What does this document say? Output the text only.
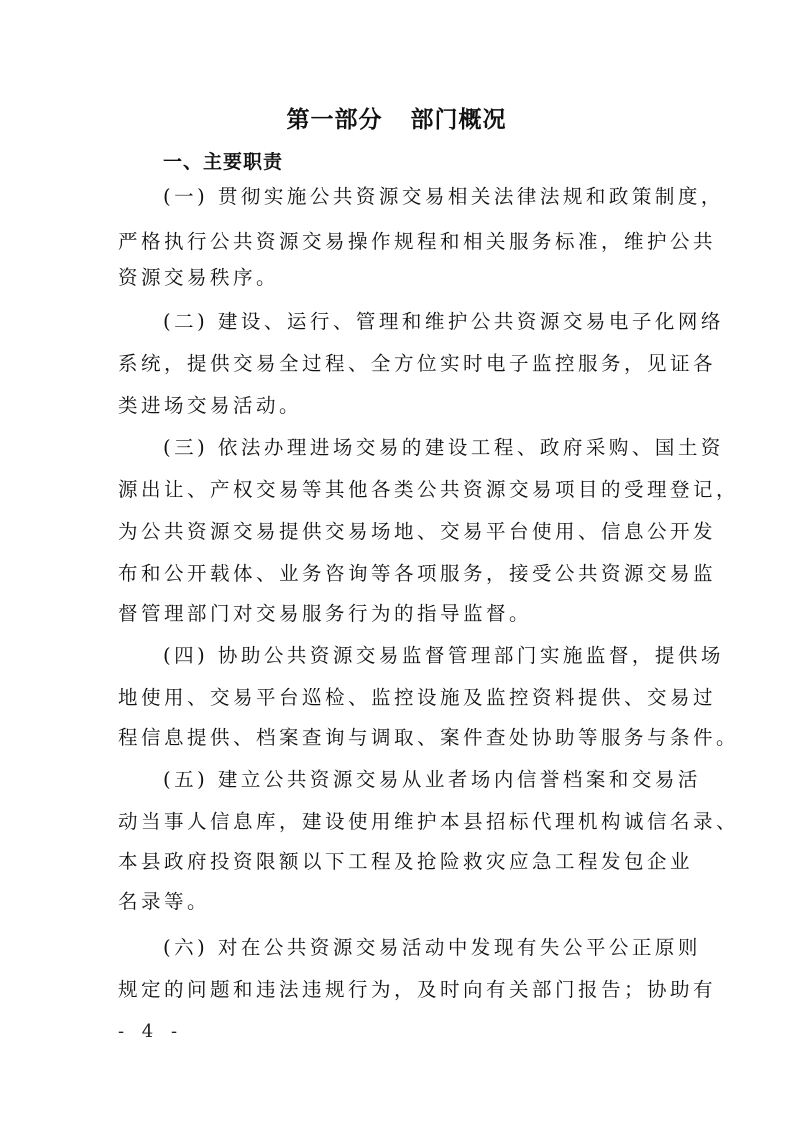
第一部分 部门概况
一、主要职责
(一) 贯彻实施公共资源交易相关法律法规和政策制度，
严格执行公共资源交易操作规程和相关服务标准，维护公共
资源交易秩序。
(二) 建设、运行、管理和维护公共资源交易电子化网络
系统，提供交易全过程、全方位实时电子监控服务，见证各
类进场交易活动。
(三) 依法办理进场交易的建设工程、政府采购、国土资
源出让、产权交易等其他各类公共资源交易项目的受理登记，
为公共资源交易提供交易场地、交易平台使用、信息公开发
布和公开载体、业务咨询等各项服务，接受公共资源交易监
督管理部门对交易服务行为的指导监督。
(四) 协助公共资源交易监督管理部门实施监督，提供场
地使用、交易平台巡检、监控设施及监控资料提供、交易过
程信息提供、档案查询与调取、案件查处协助等服务与条件。
(五) 建立公共资源交易从业者场内信誉档案和交易活
动当事人信息库，建设使用维护本县招标代理机构诚信名录、
本县政府投资限额以下工程及抢险救灾应急工程发包企业
名录等。
(六) 对在公共资源交易活动中发现有失公平公正原则
规定的问题和违法违规行为，及时向有关部门报告；协助有
- 4 -
